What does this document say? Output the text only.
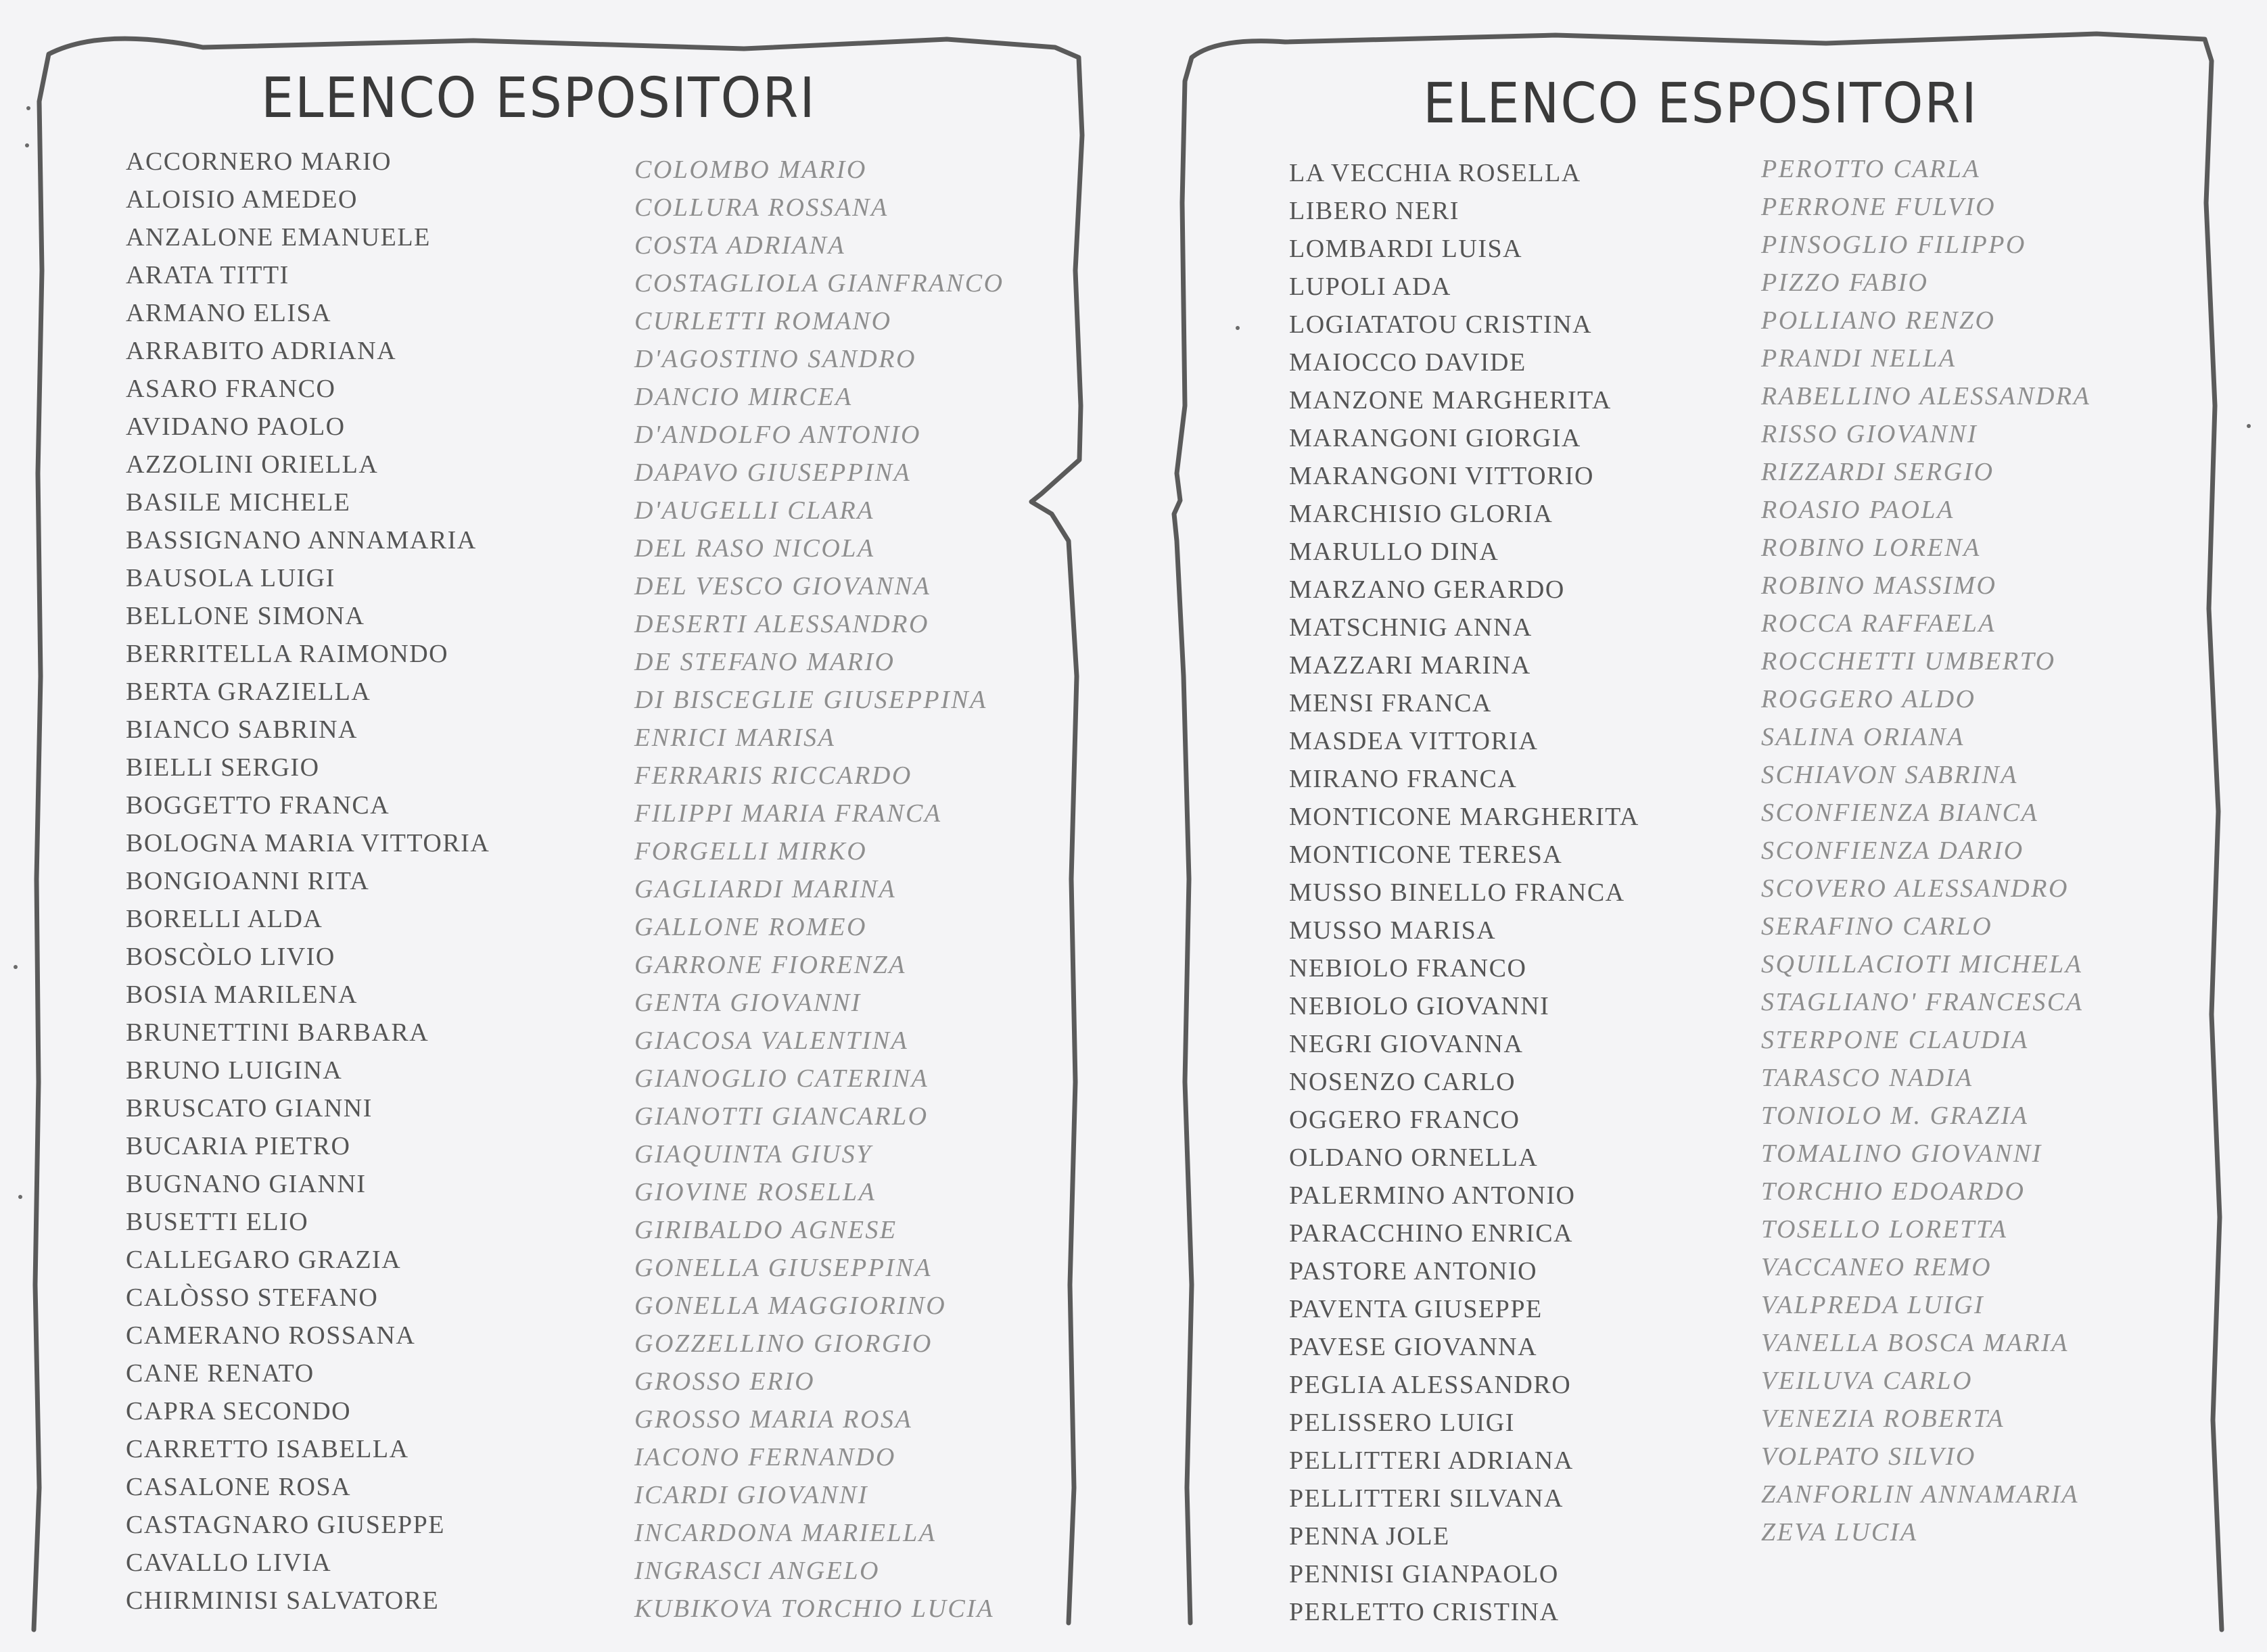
ELENCO ESPOSITORI
ACCORNERO MARIO
ALOISIO AMEDEO
ANZALONE EMANUELE
ARATA TITTI
ARMANO ELISA
ARRABITO ADRIANA
ASARO FRANCO
AVIDANO PAOLO
AZZOLINI ORIELLA
BASILE MICHELE
BASSIGNANO ANNAMARIA
BAUSOLA LUIGI
BELLONE SIMONA
BERRITELLA RAIMONDO
BERTA GRAZIELLA
BIANCO SABRINA
BIELLI SERGIO
BOGGETTO FRANCA
BOLOGNA MARIA VITTORIA
BONGIOANNI RITA
BORELLI ALDA
BOSCÒLO LIVIO
BOSIA MARILENA
BRUNETTINI BARBARA
BRUNO LUIGINA
BRUSCATO GIANNI
BUCARIA PIETRO
BUGNANO GIANNI
BUSETTI ELIO
CALLEGARO GRAZIA
CALÒSSO STEFANO
CAMERANO ROSSANA
CANE RENATO
CAPRA SECONDO
CARRETTO ISABELLA
CASALONE ROSA
CASTAGNARO GIUSEPPE
CAVALLO LIVIA
CHIRMINISI SALVATORE
COLOMBO MARIO
COLLURA ROSSANA
COSTA ADRIANA
COSTAGLIOLA GIANFRANCO
CURLETTI ROMANO
D'AGOSTINO SANDRO
DANCIO MIRCEA
D'ANDOLFO ANTONIO
DAPAVO GIUSEPPINA
D'AUGELLI CLARA
DEL RASO NICOLA
DEL VESCO GIOVANNA
DESERTI ALESSANDRO
DE STEFANO MARIO
DI BISCEGLIE GIUSEPPINA
ENRICI MARISA
FERRARIS RICCARDO
FILIPPI MARIA FRANCA
FORGELLI MIRKO
GAGLIARDI MARINA
GALLONE ROMEO
GARRONE FIORENZA
GENTA GIOVANNI
GIACOSA VALENTINA
GIANOGLIO CATERINA
GIANOTTI GIANCARLO
GIAQUINTA GIUSY
GIOVINE ROSELLA
GIRIBALDO AGNESE
GONELLA GIUSEPPINA
GONELLA MAGGIORINO
GOZZELLINO GIORGIO
GROSSO ERIO
GROSSO MARIA ROSA
IACONO FERNANDO
ICARDI GIOVANNI
INCARDONA MARIELLA
INGRASCI ANGELO
KUBIKOVA TORCHIO LUCIA
ELENCO ESPOSITORI
LA VECCHIA ROSELLA
LIBERO NERI
LOMBARDI LUISA
LUPOLI ADA
LOGIATATOU CRISTINA
MAIOCCO DAVIDE
MANZONE MARGHERITA
MARANGONI GIORGIA
MARANGONI VITTORIO
MARCHISIO GLORIA
MARULLO DINA
MARZANO GERARDO
MATSCHNIG ANNA
MAZZARI MARINA
MENSI FRANCA
MASDEA VITTORIA
MIRANO FRANCA
MONTICONE MARGHERITA
MONTICONE TERESA
MUSSO BINELLO FRANCA
MUSSO MARISA
NEBIOLO FRANCO
NEBIOLO GIOVANNI
NEGRI GIOVANNA
NOSENZO CARLO
OGGERO FRANCO
OLDANO ORNELLA
PALERMINO ANTONIO
PARACCHINO ENRICA
PASTORE ANTONIO
PAVENTA GIUSEPPE
PAVESE GIOVANNA
PEGLIA ALESSANDRO
PELISSERO LUIGI
PELLITTERI ADRIANA
PELLITTERI SILVANA
PENNA JOLE
PENNISI GIANPAOLO
PERLETTO CRISTINA
PEROTTO CARLA
PERRONE FULVIO
PINSOGLIO FILIPPO
PIZZO FABIO
POLLIANO RENZO
PRANDI NELLA
RABELLINO ALESSANDRA
RISSO GIOVANNI
RIZZARDI SERGIO
ROASIO PAOLA
ROBINO LORENA
ROBINO MASSIMO
ROCCA RAFFAELA
ROCCHETTI UMBERTO
ROGGERO ALDO
SALINA ORIANA
SCHIAVON SABRINA
SCONFIENZA BIANCA
SCONFIENZA DARIO
SCOVERO ALESSANDRO
SERAFINO CARLO
SQUILLACIOTI MICHELA
STAGLIANO' FRANCESCA
STERPONE CLAUDIA
TARASCO NADIA
TONIOLO M. GRAZIA
TOMALINO GIOVANNI
TORCHIO EDOARDO
TOSELLO LORETTA
VACCANEO REMO
VALPREDA LUIGI
VANELLA BOSCA MARIA
VEILUVA CARLO
VENEZIA ROBERTA
VOLPATO SILVIO
ZANFORLIN ANNAMARIA
ZEVA LUCIA
